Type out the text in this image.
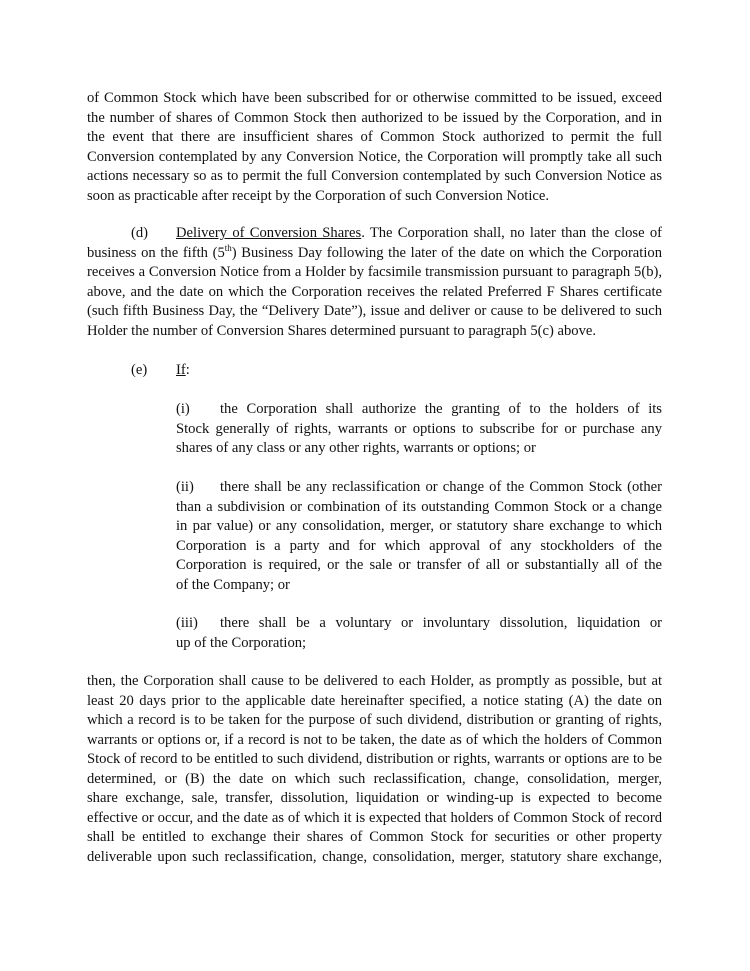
of Common Stock which have been subscribed for or otherwise committed to be issued, exceed
the number of shares of Common Stock then authorized to be issued by the Corporation, and in
the event that there are insufficient shares of Common Stock authorized to permit the full
Conversion contemplated by any Conversion Notice, the Corporation will promptly take all such
actions necessary so as to permit the full Conversion contemplated by such Conversion Notice as
soon as practicable after receipt by the Corporation of such Conversion Notice.
(d) Delivery of Conversion Shares. The Corporation shall, no later than the close of
business on the fifth (5th) Business Day following the later of the date on which the Corporation
receives a Conversion Notice from a Holder by facsimile transmission pursuant to paragraph 5(b),
above, and the date on which the Corporation receives the related Preferred F Shares certificate
(such fifth Business Day, the “Delivery Date”), issue and deliver or cause to be delivered to such
Holder the number of Conversion Shares determined pursuant to paragraph 5(c) above.
(e) If:
(i) the Corporation shall authorize the granting of to the holders of its
Stock generally of rights, warrants or options to subscribe for or purchase any
shares of any class or any other rights, warrants or options; or
(ii) there shall be any reclassification or change of the Common Stock (other
than a subdivision or combination of its outstanding Common Stock or a change
in par value) or any consolidation, merger, or statutory share exchange to which
Corporation is a party and for which approval of any stockholders of the
Corporation is required, or the sale or transfer of all or substantially all of the
of the Company; or
(iii) there shall be a voluntary or involuntary dissolution, liquidation or
up of the Corporation;
then, the Corporation shall cause to be delivered to each Holder, as promptly as possible, but at
least 20 days prior to the applicable date hereinafter specified, a notice stating (A) the date on
which a record is to be taken for the purpose of such dividend, distribution or granting of rights,
warrants or options or, if a record is not to be taken, the date as of which the holders of Common
Stock of record to be entitled to such dividend, distribution or rights, warrants or options are to be
determined, or (B) the date on which such reclassification, change, consolidation, merger,
share exchange, sale, transfer, dissolution, liquidation or winding-up is expected to become
effective or occur, and the date as of which it is expected that holders of Common Stock of record
shall be entitled to exchange their shares of Common Stock for securities or other property
deliverable upon such reclassification, change, consolidation, merger, statutory share exchange,
